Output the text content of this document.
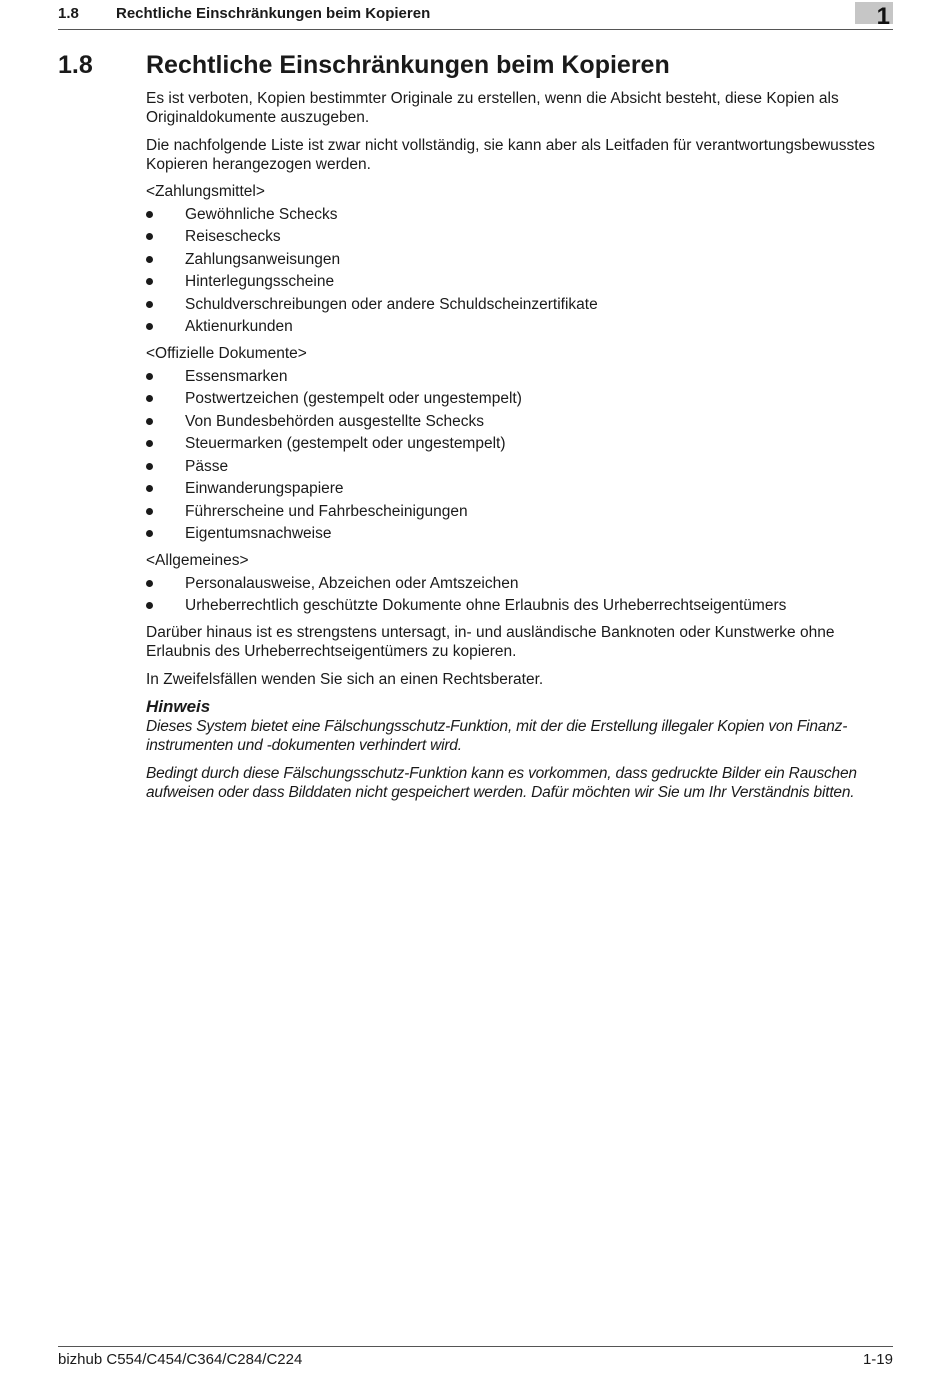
1.8 Rechtliche Einschränkungen beim Kopieren	1
1.8 Rechtliche Einschränkungen beim Kopieren

Es ist verboten, Kopien bestimmter Originale zu erstellen, wenn die Absicht besteht, diese Kopien als Originaldokumente auszugeben.

Die nachfolgende Liste ist zwar nicht vollständig, sie kann aber als Leitfaden für verantwortungsbewusstes Kopieren herangezogen werden.

<Zahlungsmittel>
Gewöhnliche Schecks
Reiseschecks
Zahlungsanweisungen
Hinterlegungsscheine
Schuldverschreibungen oder andere Schuldscheinzertifikate
Aktienurkunden
<Offizielle Dokumente>
Essensmarken
Postwertzeichen (gestempelt oder ungestempelt)
Von Bundesbehörden ausgestellte Schecks
Steuermarken (gestempelt oder ungestempelt)
Pässe
Einwanderungspapiere
Führerscheine und Fahrbescheinigungen
Eigentumsnachweise
<Allgemeines>
Personalausweise, Abzeichen oder Amtszeichen
Urheberrechtlich geschützte Dokumente ohne Erlaubnis des Urheberrechtseigentümers

Darüber hinaus ist es strengstens untersagt, in- und ausländische Banknoten oder Kunstwerke ohne Erlaubnis des Urheberrechtseigentümers zu kopieren.

In Zweifelsfällen wenden Sie sich an einen Rechtsberater.

Hinweis

Dieses System bietet eine Fälschungsschutz-Funktion, mit der die Erstellung illegaler Kopien von Finanz-instrumenten und -dokumenten verhindert wird.

Bedingt durch diese Fälschungsschutz-Funktion kann es vorkommen, dass gedruckte Bilder ein Rauschen aufweisen oder dass Bilddaten nicht gespeichert werden. Dafür möchten wir Sie um Ihr Verständnis bitten.

bizhub C554/C454/C364/C284/C224	1-19
